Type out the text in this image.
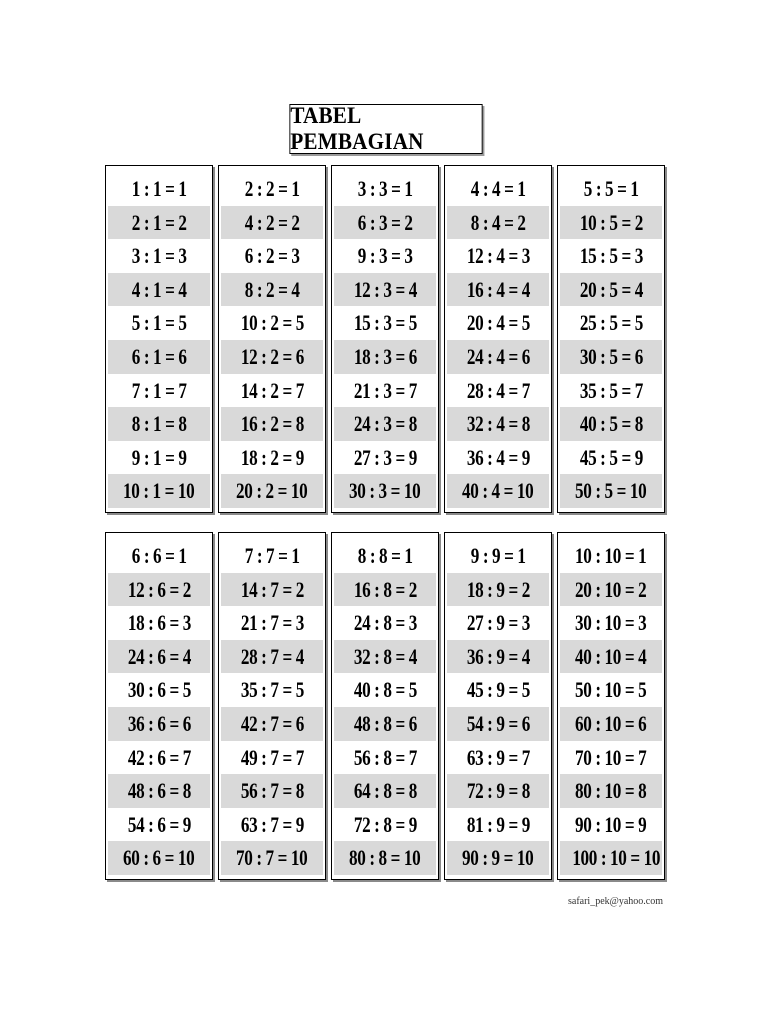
TABEL PEMBAGIAN
1 : 1 = 1
2 : 1 = 2
3 : 1 = 3
4 : 1 = 4
5 : 1 = 5
6 : 1 = 6
7 : 1 = 7
8 : 1 = 8
9 : 1 = 9
10 : 1 = 10
2 : 2 = 1
4 : 2 = 2
6 : 2 = 3
8 : 2 = 4
10 : 2 = 5
12 : 2 = 6
14 : 2 = 7
16 : 2 = 8
18 : 2 = 9
20 : 2 = 10
3 : 3 = 1
6 : 3 = 2
9 : 3 = 3
12 : 3 = 4
15 : 3 = 5
18 : 3 = 6
21 : 3 = 7
24 : 3 = 8
27 : 3 = 9
30 : 3 = 10
4 : 4 = 1
8 : 4 = 2
12 : 4 = 3
16 : 4 = 4
20 : 4 = 5
24 : 4 = 6
28 : 4 = 7
32 : 4 = 8
36 : 4 = 9
40 : 4 = 10
5 : 5 = 1
10 : 5 = 2
15 : 5 = 3
20 : 5 = 4
25 : 5 = 5
30 : 5 = 6
35 : 5 = 7
40 : 5 = 8
45 : 5 = 9
50 : 5 = 10
6 : 6 = 1
12 : 6 = 2
18 : 6 = 3
24 : 6 = 4
30 : 6 = 5
36 : 6 = 6
42 : 6 = 7
48 : 6 = 8
54 : 6 = 9
60 : 6 = 10
7 : 7 = 1
14 : 7 = 2
21 : 7 = 3
28 : 7 = 4
35 : 7 = 5
42 : 7 = 6
49 : 7 = 7
56 : 7 = 8
63 : 7 = 9
70 : 7 = 10
8 : 8 = 1
16 : 8 = 2
24 : 8 = 3
32 : 8 = 4
40 : 8 = 5
48 : 8 = 6
56 : 8 = 7
64 : 8 = 8
72 : 8 = 9
80 : 8 = 10
9 : 9 = 1
18 : 9 = 2
27 : 9 = 3
36 : 9 = 4
45 : 9 = 5
54 : 9 = 6
63 : 9 = 7
72 : 9 = 8
81 : 9 = 9
90 : 9 = 10
10 : 10 = 1
20 : 10 = 2
30 : 10 = 3
40 : 10 = 4
50 : 10 = 5
60 : 10 = 6
70 : 10 = 7
80 : 10 = 8
90 : 10 = 9
100 : 10 = 10
safari_pek@yahoo.com
